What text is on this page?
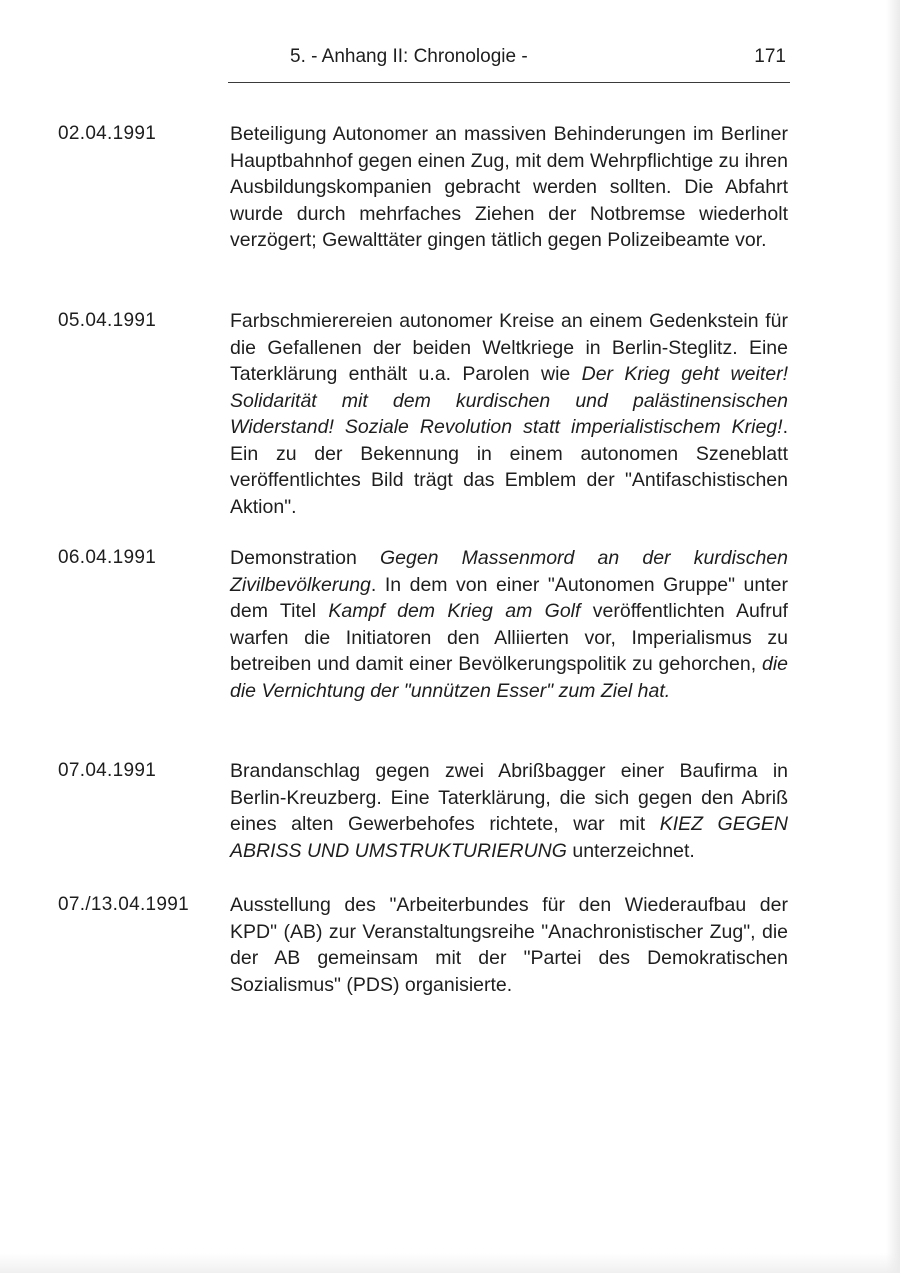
5. - Anhang II: Chronologie -	171
02.04.1991	Beteiligung Autonomer an massiven Behinderungen im Berliner Hauptbahnhof gegen einen Zug, mit dem Wehrpflichtige zu ihren Ausbildungskompanien gebracht werden sollten. Die Abfahrt wurde durch mehrfaches Ziehen der Notbremse wiederholt verzögert; Gewalttäter gingen tätlich gegen Polizeibeamte vor.
05.04.1991	Farbschmierereien autonomer Kreise an einem Gedenkstein für die Gefallenen der beiden Weltkriege in Berlin-Steglitz. Eine Taterklärung enthält u.a. Parolen wie Der Krieg geht weiter! Solidarität mit dem kurdischen und palästinensischen Widerstand! Soziale Revolution statt imperialistischem Krieg!. Ein zu der Bekennung in einem autonomen Szeneblatt veröffentlichtes Bild trägt das Emblem der "Antifaschistischen Aktion".
06.04.1991	Demonstration Gegen Massenmord an der kurdischen Zivilbevölkerung. In dem von einer "Autonomen Gruppe" unter dem Titel Kampf dem Krieg am Golf veröffentlichten Aufruf warfen die Initiatoren den Alliierten vor, Imperialismus zu betreiben und damit einer Bevölkerungspolitik zu gehorchen, die die Vernichtung der "unnützen Esser" zum Ziel hat.
07.04.1991	Brandanschlag gegen zwei Abrißbagger einer Baufirma in Berlin-Kreuzberg. Eine Taterklärung, die sich gegen den Abriß eines alten Gewerbehofes richtete, war mit KIEZ GEGEN ABRISS UND UMSTRUKTURIERUNG unterzeichnet.
07./13.04.1991 Ausstellung des "Arbeiterbundes für den Wiederaufbau der KPD" (AB) zur Veranstaltungsreihe "Anachronistischer Zug", die der AB gemeinsam mit der "Partei des Demokratischen Sozialismus" (PDS) organisierte.
